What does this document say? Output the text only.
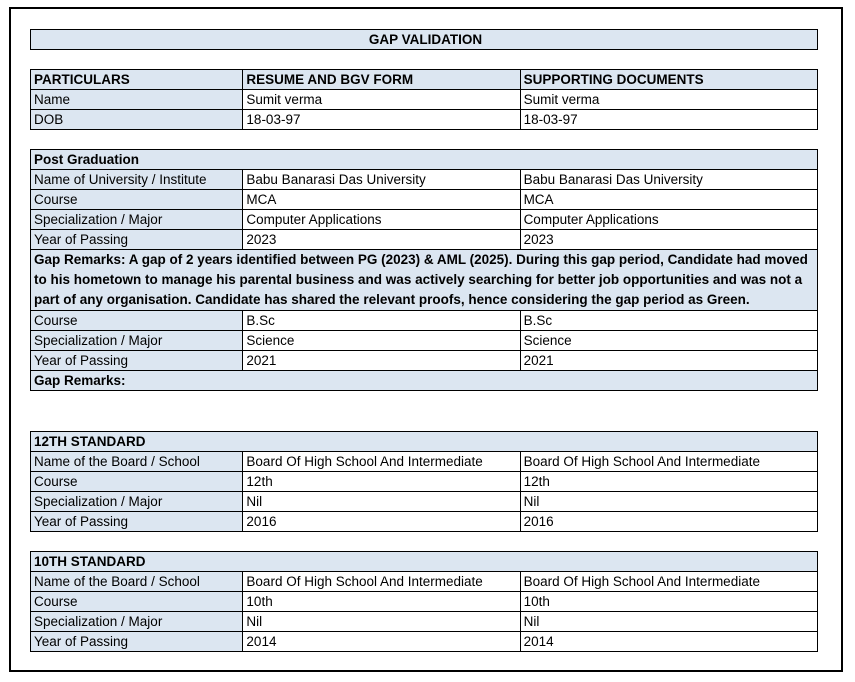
GAP VALIDATION
PARTICULARS	RESUME AND BGV FORM	SUPPORTING DOCUMENTS
Name	Sumit verma	Sumit verma
DOB	18-03-97	18-03-97
Post Graduation		
Name of University / Institute	Babu Banarasi Das University	Babu Banarasi Das University
Course	MCA	MCA
Specialization / Major	Computer Applications	Computer Applications
Year of Passing	2023	2023
Gap Remarks: A gap of 2 years identified between PG (2023) & AML (2025). During this gap period, Candidate had moved to his hometown to manage his parental business and was actively searching for better job opportunities and was not a part of any organisation. Candidate has shared the relevant proofs, hence considering the gap period as Green.		
Course	B.Sc	B.Sc
Specialization / Major	Science	Science
Year of Passing	2021	2021
Gap Remarks:		
12TH STANDARD		
Name of the Board / School	Board Of High School And Intermediate	Board Of High School And Intermediate
Course	12th	12th
Specialization / Major	Nil	Nil
Year of Passing	2016	2016
10TH STANDARD		
Name of the Board / School	Board Of High School And Intermediate	Board Of High School And Intermediate
Course	10th	10th
Specialization / Major	Nil	Nil
Year of Passing	2014	2014
